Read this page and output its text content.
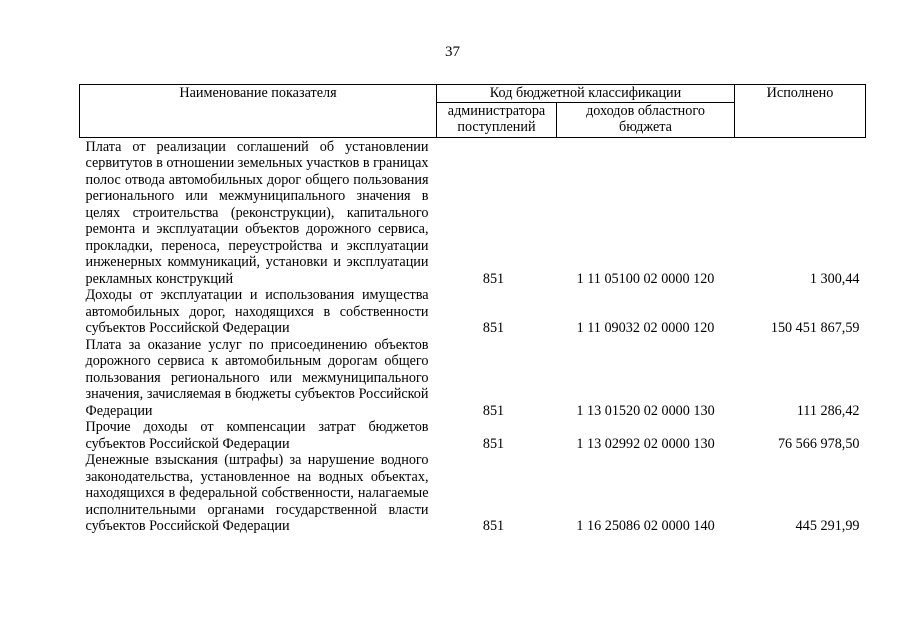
37
Наименование показателя	Код бюджетной классификации		Исполнено
	администратора поступлений	доходов областного бюджета	
Плата от реализации соглашений об установлении сервитутов в отношении земельных участков в границах полос отвода автомобильных дорог общего пользования регионального или межмуниципального значения в целях строительства (реконструкции), капитального ремонта и эксплуатации объектов дорожного сервиса, прокладки, переноса, переустройства и эксплуатации инженерных коммуникаций, установки и эксплуатации рекламных конструкций	851	1 11 05100 02 0000 120	1 300,44
Доходы от эксплуатации и использования имущества автомобильных дорог, находящихся в собственности субъектов Российской Федерации	851	1 11 09032 02 0000 120	150 451 867,59
Плата за оказание услуг по присоединению объектов дорожного сервиса к автомобильным дорогам общего пользования регионального или межмуниципального значения, зачисляемая в бюджеты субъектов Российской Федерации	851	1 13 01520 02 0000 130	111 286,42
Прочие доходы от компенсации затрат бюджетов субъектов Российской Федерации	851	1 13 02992 02 0000 130	76 566 978,50
Денежные взыскания (штрафы) за нарушение водного законодательства, установленное на водных объектах, находящихся в федеральной собственности, налагаемые исполнительными органами государственной власти субъектов Российской Федерации	851	1 16 25086 02 0000 140	445 291,99
